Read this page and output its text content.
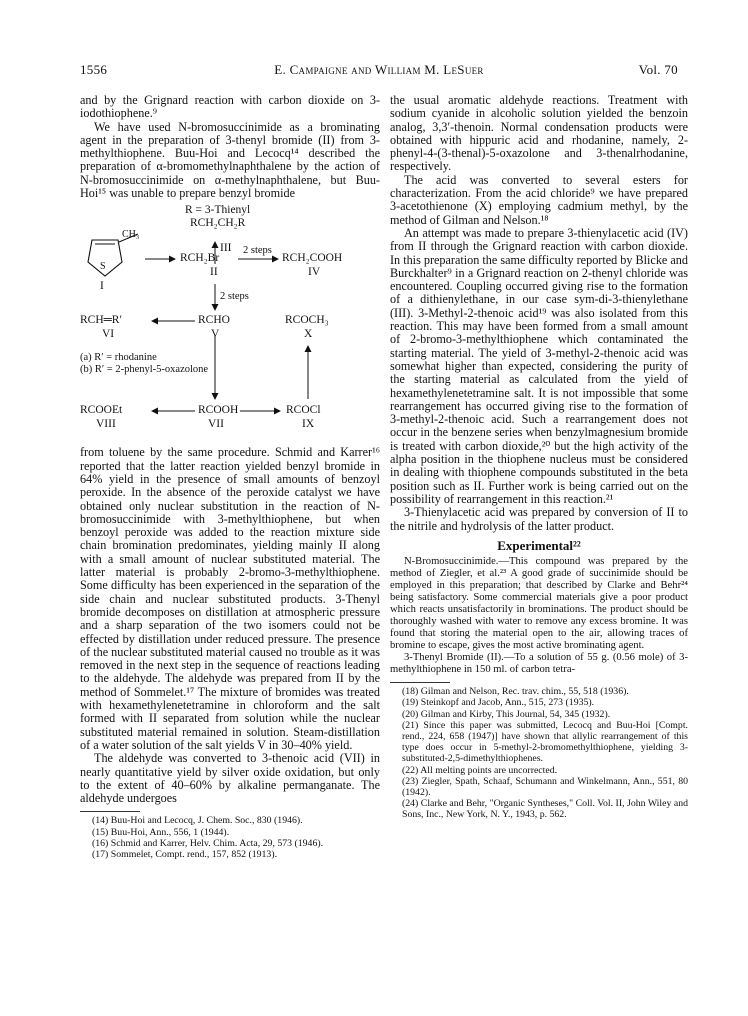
1556	E. Campaigne and William M. LeSuer	Vol. 70

and by the Grignard reaction with carbon dioxide on 3-iodothiophene.⁹

We have used N-bromosuccinimide as a brominating agent in the preparation of 3-thenyl bromide (II) from 3-methylthiophene. Buu-Hoi and Lecocq¹⁴ described the preparation of α-bromomethylnaphthalene by the action of N-bromosuccinimide on α-methylnaphthalene, but Buu-Hoi¹⁵ was unable to prepare benzyl bromide

R = 3-Thienyl
RCH₂CH₂R
III
CH₃
S
I
RCH₂Br
II
2 steps
RCH₂COOH
IV
2 steps
RCH═R′
VI
RCHO
V
RCOCH₃
X
(a) R′ = rhodanine
(b) R′ = 2-phenyl-5-oxazolone
RCOOEt
VIII
RCOOH
VII
RCOCl
IX

from toluene by the same procedure. Schmid and Karrer¹⁶ reported that the latter reaction yielded benzyl bromide in 64% yield in the presence of small amounts of benzoyl peroxide. In the absence of the peroxide catalyst we have obtained only nuclear substitution in the reaction of N-bromosuccinimide with 3-methylthiophene, but when benzoyl peroxide was added to the reaction mixture side chain bromination predominates, yielding mainly II along with a small amount of nuclear substituted material. The latter material is probably 2-bromo-3-methylthiophene. Some difficulty has been experienced in the separation of the side chain and nuclear substituted products. 3-Thenyl bromide decomposes on distillation at atmospheric pressure and a sharp separation of the two isomers could not be effected by distillation under reduced pressure. The presence of the nuclear substituted material caused no trouble as it was removed in the next step in the sequence of reactions leading to the aldehyde. The aldehyde was prepared from II by the method of Sommelet.¹⁷ The mixture of bromides was treated with hexamethylenetetramine in chloroform and the salt formed with II separated from solution while the nuclear substituted material remained in solution. Steam-distillation of a water solution of the salt yields V in 30–40% yield.

The aldehyde was converted to 3-thenoic acid (VII) in nearly quantitative yield by silver oxide oxidation, but only to the extent of 40–60% by alkaline permanganate. The aldehyde undergoes

(14) Buu-Hoi and Lecocq, J. Chem. Soc., 830 (1946).
(15) Buu-Hoi, Ann., 556, 1 (1944).
(16) Schmid and Karrer, Helv. Chim. Acta, 29, 573 (1946).
(17) Sommelet, Compt. rend., 157, 852 (1913).

the usual aromatic aldehyde reactions. Treatment with sodium cyanide in alcoholic solution yielded the benzoin analog, 3,3′-thenoin. Normal condensation products were obtained with hippuric acid and rhodanine, namely, 2-phenyl-4-(3-thenal)-5-oxazolone and 3-thenalrhodanine, respectively.

The acid was converted to several esters for characterization. From the acid chloride⁹ we have prepared 3-acetothienone (X) employing cadmium methyl, by the method of Gilman and Nelson.¹⁸

An attempt was made to prepare 3-thienylacetic acid (IV) from II through the Grignard reaction with carbon dioxide. In this preparation the same difficulty reported by Blicke and Burckhalter⁹ in a Grignard reaction on 2-thenyl chloride was encountered. Coupling occurred giving rise to the formation of a dithienylethane, in our case sym-di-3-thienylethane (III). 3-Methyl-2-thenoic acid¹⁹ was also isolated from this reaction. This may have been formed from a small amount of 2-bromo-3-methylthiophene which contaminated the starting material. The yield of 3-methyl-2-thenoic acid was somewhat higher than expected, considering the purity of the starting material as calculated from the yield of hexamethylenetetramine salt. It is not impossible that some rearrangement has occurred giving rise to the formation of 3-methyl-2-thenoic acid. Such a rearrangement does not occur in the benzene series when benzylmagnesium bromide is treated with carbon dioxide,²⁰ but the high activity of the alpha position in the thiophene nucleus must be considered in dealing with thiophene compounds substituted in the beta position such as II. Further work is being carried out on the possibility of rearrangement in this reaction.²¹

3-Thienylacetic acid was prepared by conversion of II to the nitrile and hydrolysis of the latter product.

Experimental²²

N-Bromosuccinimide.—This compound was prepared by the method of Ziegler, et al.²³ A good grade of succinimide should be employed in this preparation; that described by Clarke and Behr²⁴ being satisfactory. Some commercial materials give a poor product which reacts unsatisfactorily in brominations. The product should be thoroughly washed with water to remove any excess bromine. It was found that storing the material open to the air, allowing traces of bromine to escape, gives the most active brominating agent.

3-Thenyl Bromide (II).—To a solution of 55 g. (0.56 mole) of 3-methylthiophene in 150 ml. of carbon tetra-

(18) Gilman and Nelson, Rec. trav. chim., 55, 518 (1936).
(19) Steinkopf and Jacob, Ann., 515, 273 (1935).
(20) Gilman and Kirby, This Journal, 54, 345 (1932).
(21) Since this paper was submitted, Lecocq and Buu-Hoi [Compt. rend., 224, 658 (1947)] have shown that allylic rearrangement of this type does occur in 5-methyl-2-bromomethylthiophene, yielding 3-substituted-2,5-dimethylthiophenes.
(22) All melting points are uncorrected.
(23) Ziegler, Spath, Schaaf, Schumann and Winkelmann, Ann., 551, 80 (1942).
(24) Clarke and Behr, "Organic Syntheses," Coll. Vol. II, John Wiley and Sons, Inc., New York, N. Y., 1943, p. 562.
